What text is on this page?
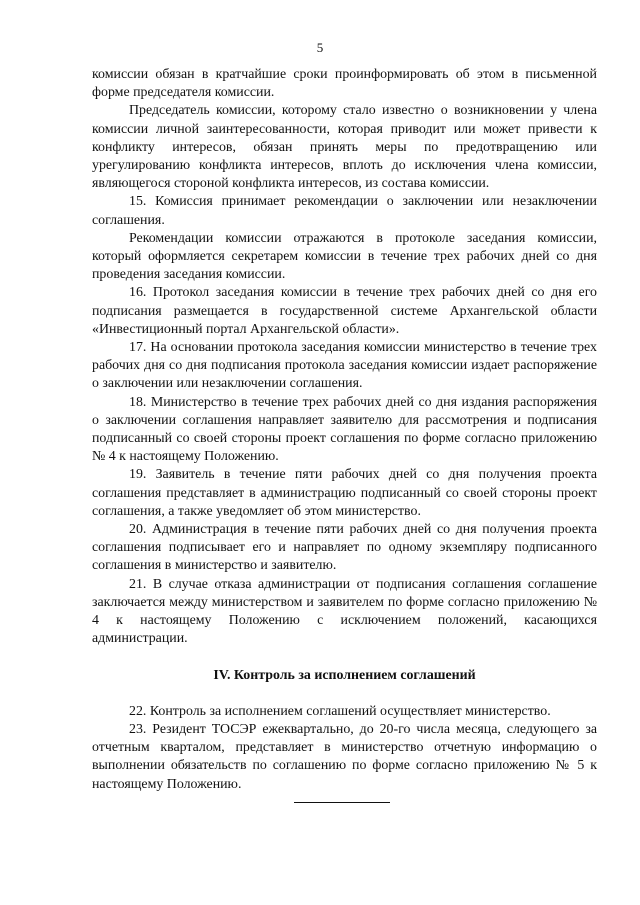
5

комиссии обязан в кратчайшие сроки проинформировать об этом в письменной форме председателя комиссии.

Председатель комиссии, которому стало известно о возникновении у члена комиссии личной заинтересованности, которая приводит или может привести к конфликту интересов, обязан принять меры по предотвращению или урегулированию конфликта интересов, вплоть до исключения члена комиссии, являющегося стороной конфликта интересов, из состава комиссии.

15. Комиссия принимает рекомендации о заключении или незаключении соглашения.

Рекомендации комиссии отражаются в протоколе заседания комиссии, который оформляется секретарем комиссии в течение трех рабочих дней со дня проведения заседания комиссии.

16. Протокол заседания комиссии в течение трех рабочих дней со дня его подписания размещается в государственной системе Архангельской области «Инвестиционный портал Архангельской области».

17. На основании протокола заседания комиссии министерство в течение трех рабочих дня со дня подписания протокола заседания комиссии издает распоряжение о заключении или незаключении соглашения.

18. Министерство в течение трех рабочих дней со дня издания распоряжения о заключении соглашения направляет заявителю для рассмотрения и подписания подписанный со своей стороны проект соглашения по форме согласно приложению № 4 к настоящему Положению.

19. Заявитель в течение пяти рабочих дней со дня получения проекта соглашения представляет в администрацию подписанный со своей стороны проект соглашения, а также уведомляет об этом министерство.

20. Администрация в течение пяти рабочих дней со дня получения проекта соглашения подписывает его и направляет по одному экземпляру подписанного соглашения в министерство и заявителю.

21. В случае отказа администрации от подписания соглашения соглашение заключается между министерством и заявителем по форме согласно приложению № 4 к настоящему Положению с исключением положений, касающихся администрации.

IV. Контроль за исполнением соглашений

22. Контроль за исполнением соглашений осуществляет министерство.

23. Резидент ТОСЭР ежеквартально, до 20-го числа месяца, следующего за отчетным кварталом, представляет в министерство отчетную информацию о выполнении обязательств по соглашению по форме согласно приложению № 5 к настоящему Положению.
